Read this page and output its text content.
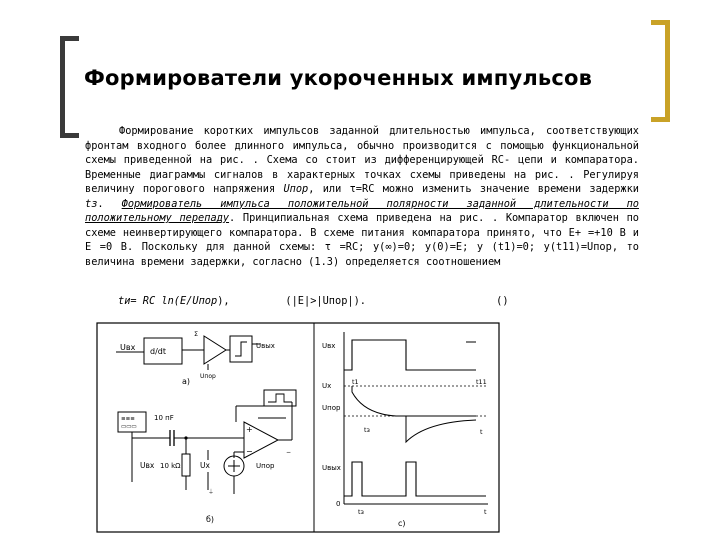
Формирователи укороченных импульсов

Формирование коротких импульсов заданной длительностью импульса, соответствующих фронтам входного более длинного импульса, обычно производится с помощью функциональной схемы приведенной на рис. . Схема со стоит из дифференцирующей RC- цепи и компаратора. Временные диаграммы сигналов в характерных точках схемы приведены на рис. . Регулируя величину порогового напряжения Uпор, или τ=RC можно изменить значение времени задержки tз. Формирователь импульса положительной полярности заданной длительности по положительному перепаду. Принципиальная схема приведена на рис. . Компаратор включен по схеме неинвертирующего компаратора. В схеме питания компаратора принято, что E+ =+10 В и E =0 В. Поскольку для данной схемы: τ =RC; у(∞)=0; у(0)=E; у (t1)=0; у(t11)=Uпор, то величина времени задержки, согласно (1.3) определяется соотношением

tи= RC ln(E/Uпор),         (|E|>|Uпор|).                     ()
Uвх d/dt
Σ
Uпор
Uвых
а)
≡≡≡
▭▭▭
Uвх
10 пF
10 kΩ	Uх
+
−
Uпор
−
⏚
б)
Uвх
t1	t11
Uх
Uпор
tз	t
Uвых
0
tз	t
с)
